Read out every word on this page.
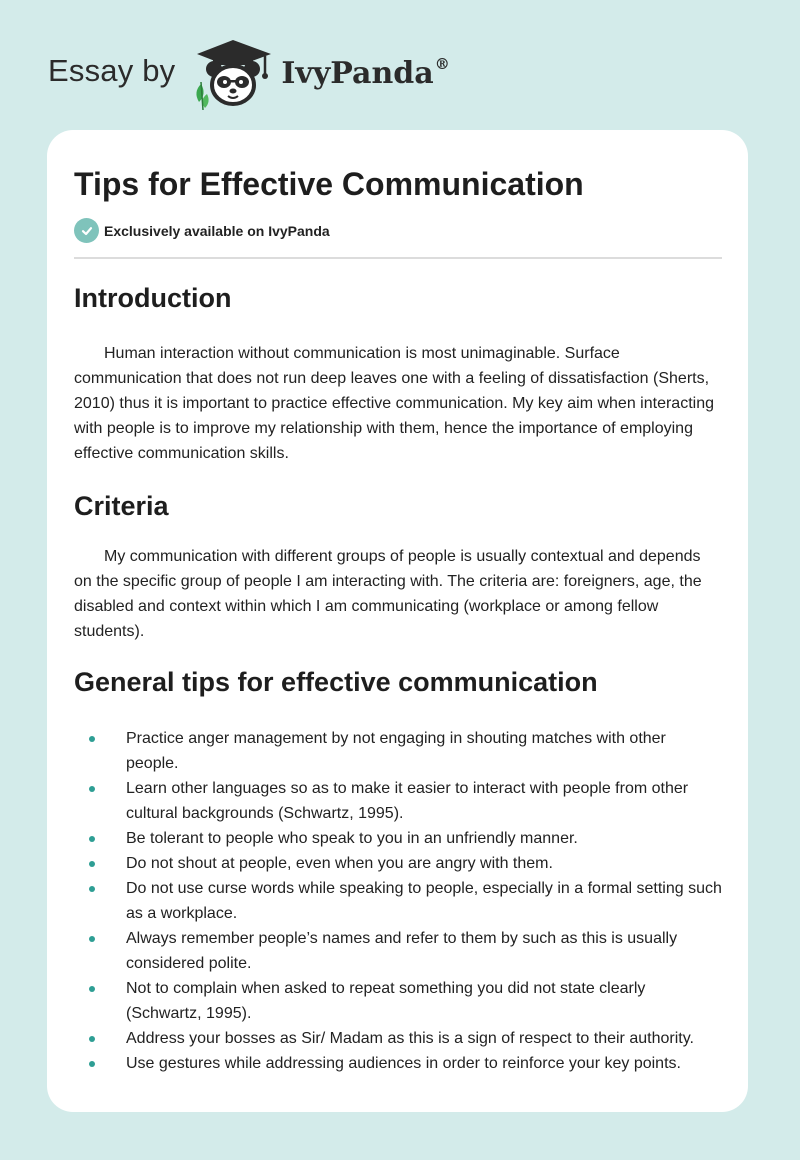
Essay by	IvyPanda®
Tips for Effective Communication
Exclusively available on IvyPanda
Introduction

Human interaction without communication is most unimaginable. Surface communication that does not run deep leaves one with a feeling of dissatisfaction (Sherts, 2010) thus it is important to practice effective communication. My key aim when interacting with people is to improve my relationship with them, hence the importance of employing effective communication skills.

Criteria

My communication with different groups of people is usually contextual and depends on the specific group of people I am interacting with. The criteria are: foreigners, age, the disabled and context within which I am communicating (workplace or among fellow students).

General tips for effective communication
Practice anger management by not engaging in shouting matches with other people.
Learn other languages so as to make it easier to interact with people from other cultural backgrounds (Schwartz, 1995).
Be tolerant to people who speak to you in an unfriendly manner.
Do not shout at people, even when you are angry with them.
Do not use curse words while speaking to people, especially in a formal setting such as a workplace.
Always remember people’s names and refer to them by such as this is usually considered polite.
Not to complain when asked to repeat something you did not state clearly (Schwartz, 1995).
Address your bosses as Sir/ Madam as this is a sign of respect to their authority.
Use gestures while addressing audiences in order to reinforce your key points.
